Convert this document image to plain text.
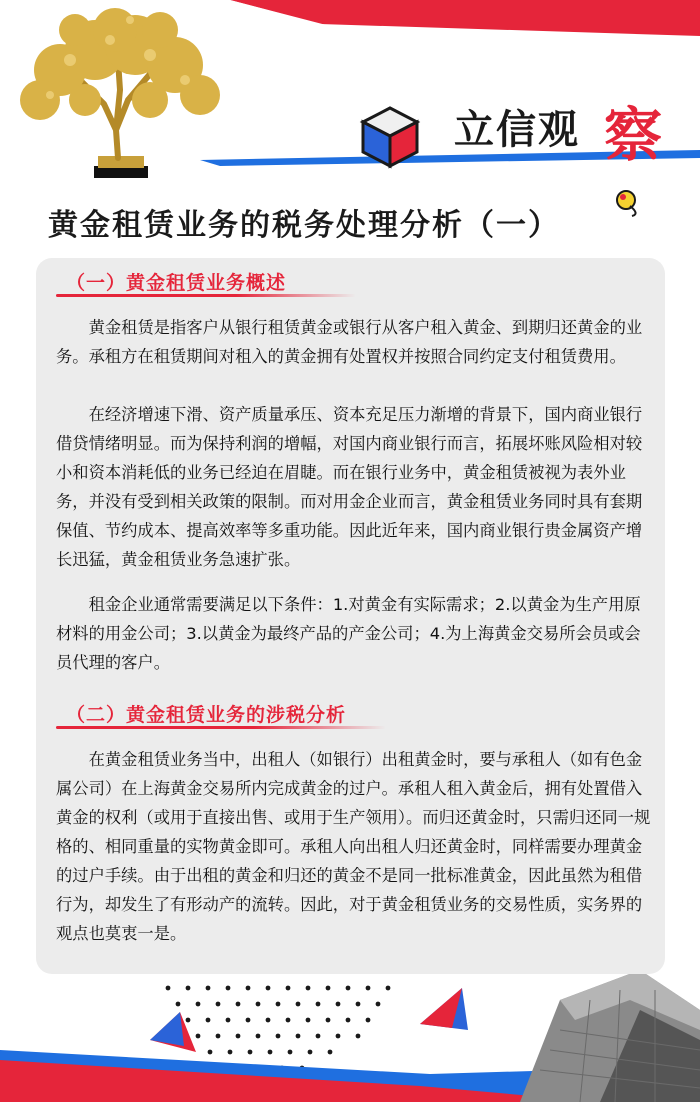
立信观 察
黄金租赁业务的税务处理分析（一）
（一）黄金租赁业务概述

黄金租赁是指客户从银行租赁黄金或银行从客户租入黄金、到期归还黄金的业务。承租方在租赁期间对租入的黄金拥有处置权并按照合同约定支付租赁费用。

在经济增速下滑、资产质量承压、资本充足压力渐增的背景下，国内商业银行借贷情绪明显。而为保持利润的增幅，对国内商业银行而言，拓展坏账风险相对较小和资本消耗低的业务已经迫在眉睫。而在银行业务中，黄金租赁被视为表外业务，并没有受到相关政策的限制。而对用金企业而言，黄金租赁业务同时具有套期保值、节约成本、提高效率等多重功能。因此近年来，国内商业银行贵金属资产增长迅猛，黄金租赁业务急速扩张。

租金企业通常需要满足以下条件：1.对黄金有实际需求；2.以黄金为生产用原材料的用金公司；3.以黄金为最终产品的产金公司；4.为上海黄金交易所会员或会员代理的客户。

（二）黄金租赁业务的涉税分析

在黄金租赁业务当中，出租人（如银行）出租黄金时，要与承租人（如有色金属公司）在上海黄金交易所内完成黄金的过户。承租人租入黄金后，拥有处置借入黄金的权利（或用于直接出售、或用于生产领用）。而归还黄金时，只需归还同一规格的、相同重量的实物黄金即可。承租人向出租人归还黄金时，同样需要办理黄金的过户手续。由于出租的黄金和归还的黄金不是同一批标准黄金，因此虽然为租借行为，却发生了有形动产的流转。因此，对于黄金租赁业务的交易性质，实务界的观点也莫衷一是。
